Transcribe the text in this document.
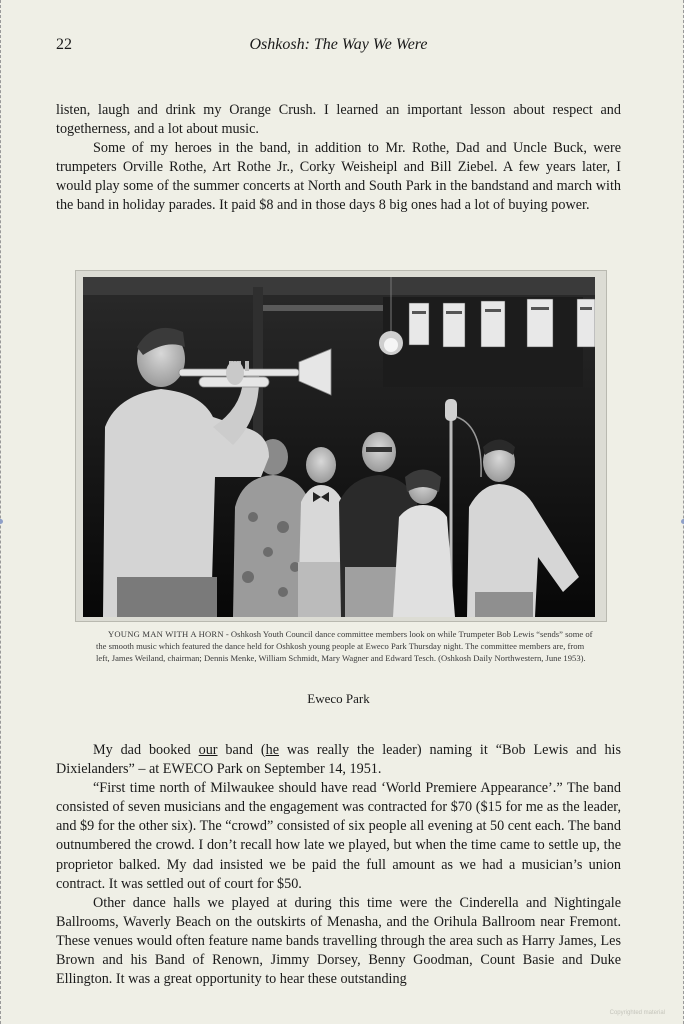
22	Oshkosh: The Way We Were

listen, laugh and drink my Orange Crush. I learned an important lesson about respect and togetherness, and a lot about music.

Some of my heroes in the band, in addition to Mr. Rothe, Dad and Uncle Buck, were trumpeters Orville Rothe, Art Rothe Jr., Corky Weisheipl and Bill Ziebel. A few years later, I would play some of the summer concerts at North and South Park in the bandstand and march with the band in holiday parades. It paid $8 and in those days 8 big ones had a lot of buying power.

YOUNG MAN WITH A HORN - Oshkosh Youth Council dance committee members look on while Trumpeter Bob Lewis “sends” some of the smooth music which featured the dance held for Oshkosh young people at Eweco Park Thursday night. The committee members are, from left, James Weiland, chairman; Dennis Menke, William Schmidt, Mary Wagner and Edward Tesch. (Oshkosh Daily Northwestern, June 1953).
Eweco Park

My dad booked our band (he was really the leader) naming it “Bob Lewis and his Dixielanders” – at EWECO Park on September 14, 1951.

“First time north of Milwaukee should have read ‘World Premiere Appearance’.” The band consisted of seven musicians and the engagement was contracted for $70 ($15 for me as the leader, and $9 for the other six). The “crowd” consisted of six people all evening at 50 cent each. The band outnumbered the crowd. I don’t recall how late we played, but when the time came to settle up, the proprietor balked. My dad insisted we be paid the full amount as we had a musician’s union contract. It was settled out of court for $50.

Other dance halls we played at during this time were the Cinderella and Nightingale Ballrooms, Waverly Beach on the outskirts of Menasha, and the Orihula Ballroom near Fremont. These venues would often feature name bands travelling through the area such as Harry James, Les Brown and his Band of Renown, Jimmy Dorsey, Benny Goodman, Count Basie and Duke Ellington. It was a great opportunity to hear these outstanding

Copyrighted material
